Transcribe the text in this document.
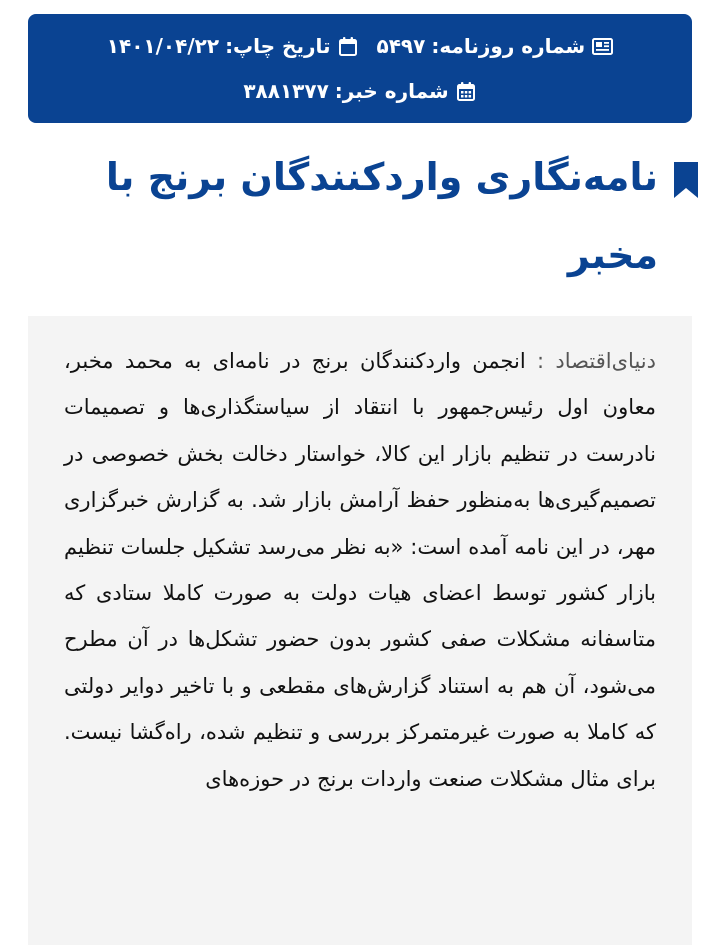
شماره روزنامه:
۵۴۹۷
تاریخ چاپ:
۱۴۰۱/۰۴/۲۲
شماره خبر:
۳۸۸۱۳۷۷
نامه‌نگاری واردکنندگان برنج با مخبر

دنیای‌اقتصاد : انجمن واردکنندگان برنج در نامه‌ای به محمد مخبر، معاون اول رئیس‌جمهور با انتقاد از سیاستگذاری‌ها و تصمیمات نادرست در تنظیم بازار این کالا، خواستار دخالت بخش خصوصی در تصمیم‌گیری‌ها به‌منظور حفظ آرامش بازار شد. به گزارش خبرگزاری مهر، در این نامه آمده است: «به نظر می‌رسد تشکیل جلسات تنظیم بازار کشور توسط اعضای هیات دولت به صورت کاملا ستادی که متاسفانه مشکلات صفی کشور بدون حضور تشکل‌ها در آن مطرح می‌شود، آن هم به استناد گزارش‌های مقطعی و با تاخیر دوایر دولتی که کاملا به صورت غیرمتمرکز بررسی و تنظیم شده، راه‌گشا نیست. برای مثال مشکلات صنعت واردات برنج در حوزه‌های
